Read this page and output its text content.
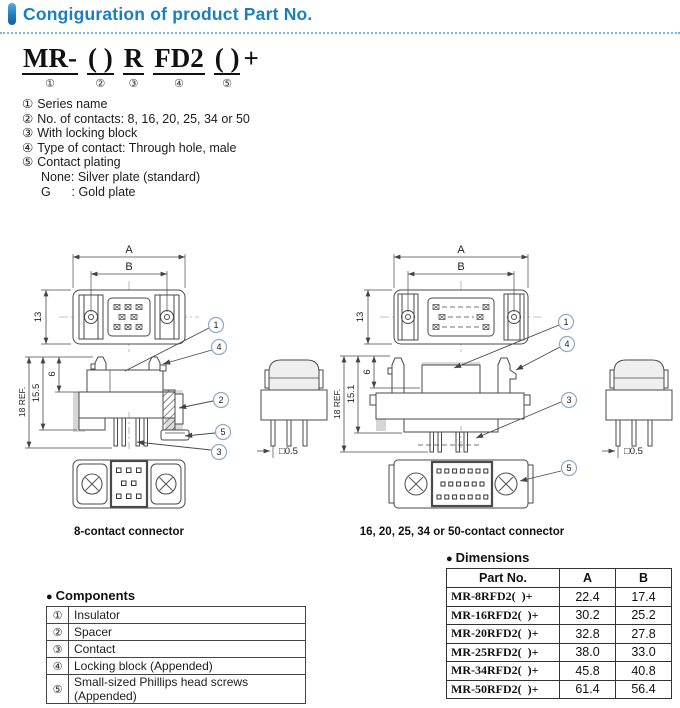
Congiguration of product Part No.
MR-
①
( )
②
R
③
FD2
④
( )
⑤
+
① Series name
② No. of contacts: 8, 16, 20, 25, 34 or 50
③ With locking block
④ Type of contact: Through hole, male
⑤ Contact plating
None: Silver plate (standard)
G      : Gold plate
A
B
13
18 REF. 15.5
6
□0.5
1
4
2
5
3
8-contact connector
A
B
13
18 REF. 15.1
6
□0.5
1
4
3
5
16, 20, 25, 34 or 50-contact connector
● Components
①	Insulator
②	Spacer
③	Contact
④	Locking block (Appended)
⑤	Small-sized Phillips head screws (Appended)
● Dimensions
Part No.	A	B
MR-8RFD2(  )+	22.4	17.4
MR-16RFD2(  )+	30.2	25.2
MR-20RFD2(  )+	32.8	27.8
MR-25RFD2(  )+	38.0	33.0
MR-34RFD2(  )+	45.8	40.8
MR-50RFD2(  )+	61.4	56.4
